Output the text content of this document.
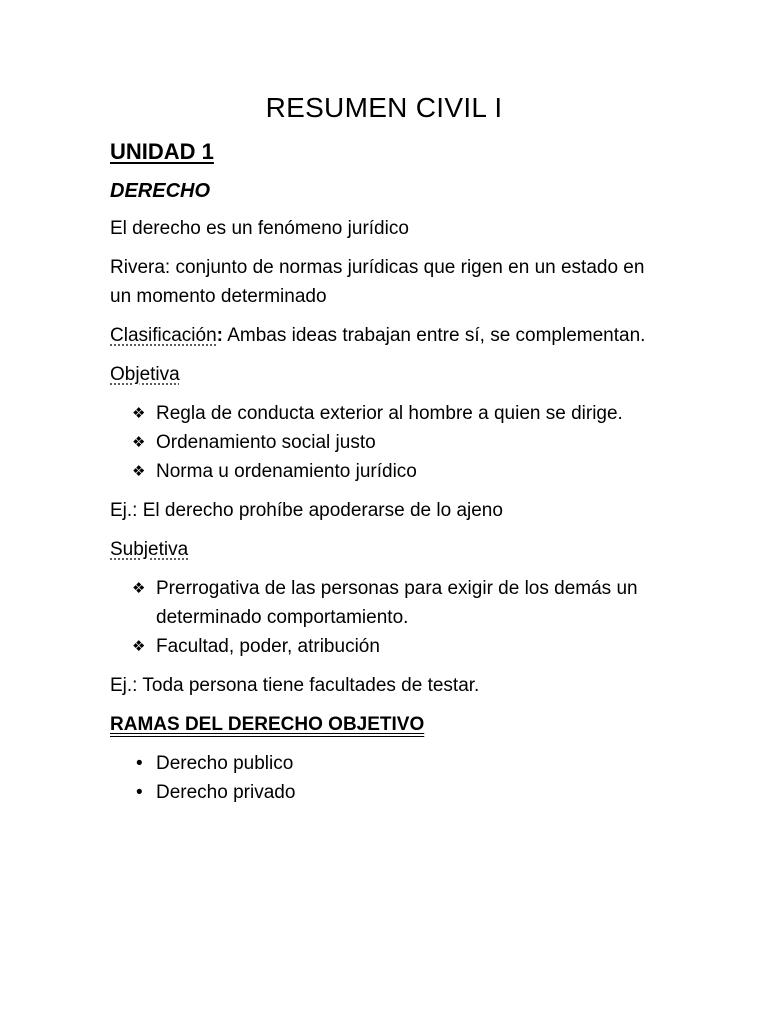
RESUMEN CIVIL I
UNIDAD 1
DERECHO

El derecho es un fenómeno jurídico

Rivera: conjunto de normas jurídicas que rigen en un estado en un momento determinado

Clasificación: Ambas ideas trabajan entre sí, se complementan.

Objetiva

❖ Regla de conducta exterior al hombre a quien se dirige.
❖ Ordenamiento social justo
❖ Norma u ordenamiento jurídico

Ej.: El derecho prohíbe apoderarse de lo ajeno

Subjetiva

❖ Prerrogativa de las personas para exigir de los demás un determinado comportamiento.
❖ Facultad, poder, atribución

Ej.: Toda persona tiene facultades de testar.

RAMAS DEL DERECHO OBJETIVO

• Derecho publico
• Derecho privado
